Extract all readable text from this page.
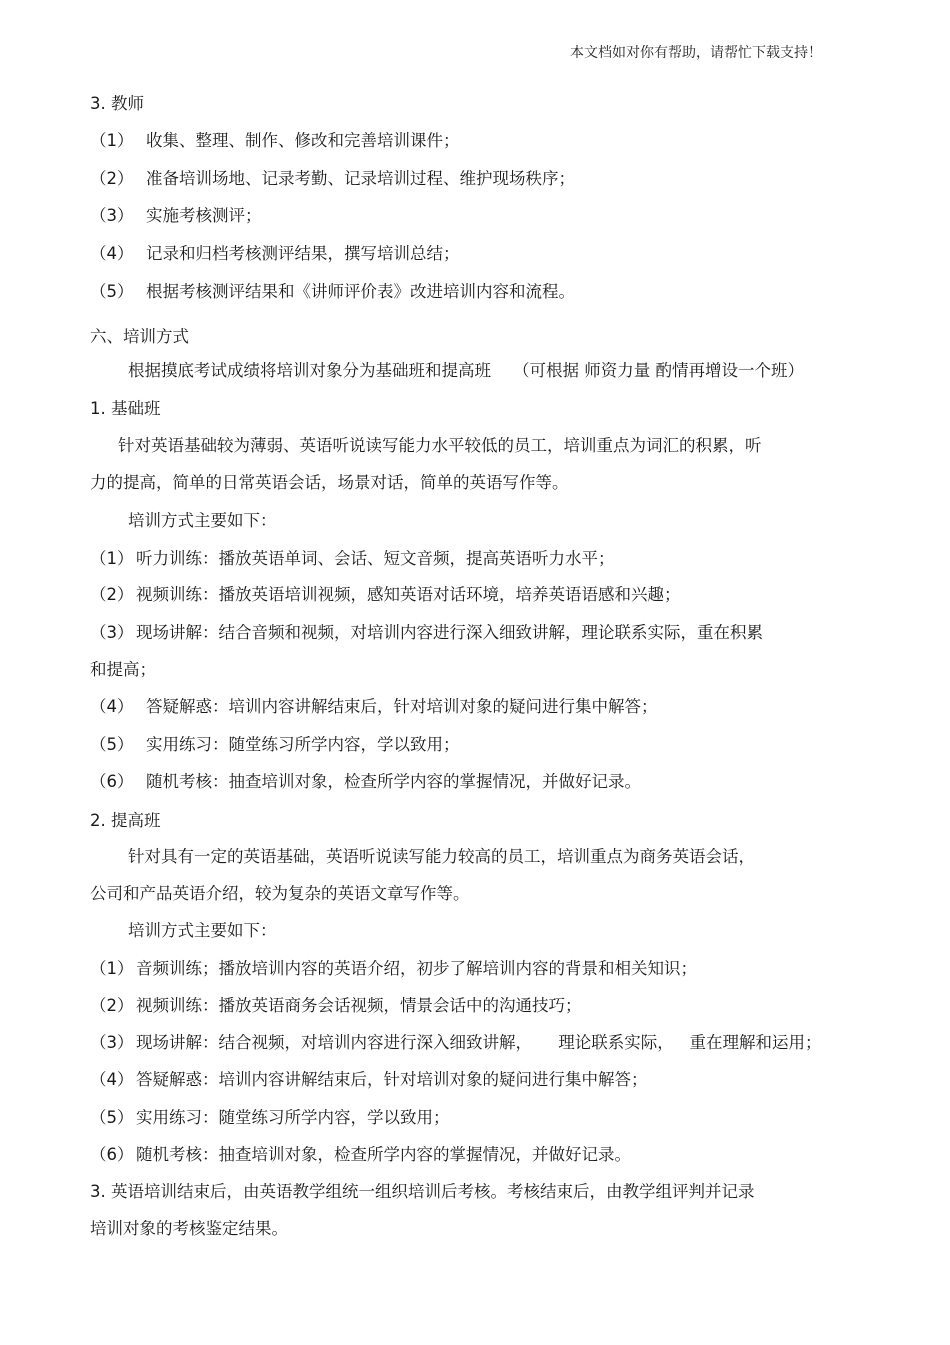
本文档如对你有帮助，请帮忙下载支持！
3. 教师
（1） 收集、整理、制作、修改和完善培训课件；
（2） 准备培训场地、记录考勤、记录培训过程、维护现场秩序；
（3） 实施考核测评；
（4） 记录和归档考核测评结果，撰写培训总结；
（5） 根据考核测评结果和《讲师评价表》改进培训内容和流程。
六、培训方式
根据摸底考试成绩将培训对象分为基础班和提高班 （可根据 师资力量 酌情再增设一个班）
1. 基础班
针对英语基础较为薄弱、英语听说读写能力水平较低的员工，培训重点为词汇的积累，听
力的提高，简单的日常英语会话，场景对话，简单的英语写作等。
培训方式主要如下：
（1） 听力训练：播放英语单词、会话、短文音频，提高英语听力水平；
（2） 视频训练：播放英语培训视频，感知英语对话环境，培养英语语感和兴趣；
（3） 现场讲解：结合音频和视频，对培训内容进行深入细致讲解，理论联系实际，重在积累
和提高；
（4） 答疑解惑：培训内容讲解结束后，针对培训对象的疑问进行集中解答；
（5） 实用练习：随堂练习所学内容，学以致用；
（6） 随机考核：抽查培训对象，检查所学内容的掌握情况，并做好记录。
2. 提高班
针对具有一定的英语基础，英语听说读写能力较高的员工，培训重点为商务英语会话，
公司和产品英语介绍，较为复杂的英语文章写作等。
培训方式主要如下：
（1） 音频训练；播放培训内容的英语介绍，初步了解培训内容的背景和相关知识；
（2） 视频训练：播放英语商务会话视频，情景会话中的沟通技巧；
（3） 现场讲解：结合视频，对培训内容进行深入细致讲解，     理论联系实际，   重在理解和运用；
（4） 答疑解惑：培训内容讲解结束后，针对培训对象的疑问进行集中解答；
（5） 实用练习：随堂练习所学内容，学以致用；
（6） 随机考核：抽查培训对象，检查所学内容的掌握情况，并做好记录。
3. 英语培训结束后，由英语教学组统一组织培训后考核。考核结束后，由教学组评判并记录
培训对象的考核鉴定结果。
